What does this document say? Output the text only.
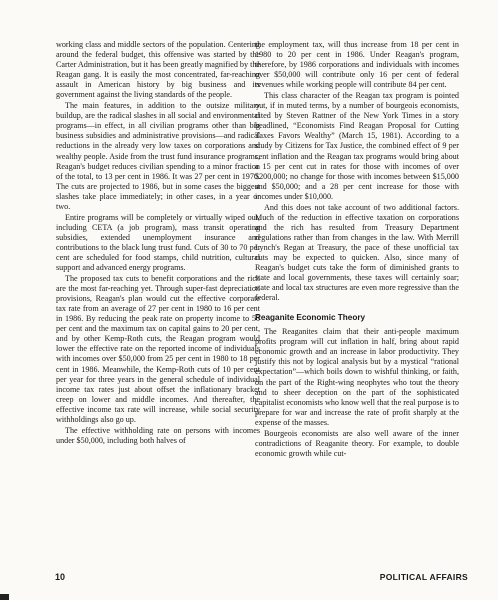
working class and middle sectors of the population. Centering around the federal budget, this offensive was started by the Carter Administration, but it has been greatly magnified by the Reagan gang. It is easily the most concentrated, far-reaching assault in American history by big business and its government against the living standards of the people.

The main features, in addition to the outsize military buildup, are the radical slashes in all social and environmental programs—in effect, in all civilian programs other than big business subsidies and administrative provisions—and radical reductions in the already very low taxes on corporations and wealthy people. Aside from the trust fund insurance programs, Reagan's budget reduces civilian spending to a minor fraction of the total, to 13 per cent in 1986. It was 27 per cent in 1970. The cuts are projected to 1986, but in some cases the biggest slashes take place immediately; in other cases, in a year or two.

Entire programs will be completely or virtually wiped out, including CETA (a job program), mass transit operating subsidies, extended unemployment insurance and contributions to the black lung trust fund. Cuts of 30 to 70 per cent are scheduled for food stamps, child nutrition, cultural support and advanced energy programs.

The proposed tax cuts to benefit corporations and the rich are the most far-reaching yet. Through super-fast depreciation provisions, Reagan's plan would cut the effective corporate tax rate from an average of 27 per cent in 1980 to 16 per cent in 1986. By reducing the peak rate on property income to 50 per cent and the maximum tax on capital gains to 20 per cent, and by other Kemp-Roth cuts, the Reagan program would lower the effective rate on the reported income of individuals with incomes over $50,000 from 25 per cent in 1980 to 18 per cent in 1986. Meanwhile, the Kemp-Roth cuts of 10 per cent per year for three years in the general schedule of individual income tax rates just about offset the inflationary bracket creep on lower and middle incomes. And thereafter, the effective income tax rate will increase, while social security withholdings also go up.

The effective withholding rate on persons with incomes under $50,000, including both halves of

the employment tax, will thus increase from 18 per cent in 1980 to 20 per cent in 1986. Under Reagan's program, therefore, by 1986 corporations and individuals with incomes over $50,000 will contribute only 16 per cent of federal revenues while working people will contribute 84 per cent.

This class character of the Reagan tax program is pointed out, if in muted terms, by a number of bourgeois economists, cited by Steven Rattner of the New York Times in a story headlined, “Economists Find Reagan Proposal for Cutting Taxes Favors Wealthy” (March 15, 1981). According to a study by Citizens for Tax Justice, the combined effect of 9 per cent inflation and the Reagan tax programs would bring about a 15 per cent cut in rates for those with incomes of over $200,000; no change for those with incomes between $15,000 and $50,000; and a 28 per cent increase for those with incomes under $10,000.

And this does not take account of two additional factors. Much of the reduction in effective taxation on corporations and the rich has resulted from Treasury Department regulations rather than from changes in the law. With Merrill Lynch's Regan at Treasury, the pace of these unofficial tax cuts may be expected to quicken. Also, since many of Reagan's budget cuts take the form of diminished grants to state and local governments, these taxes will certainly soar; state and local tax structures are even more regressive than the federal.

Reaganite Economic Theory

The Reaganites claim that their anti-people maximum profits program will cut inflation in half, bring about rapid economic growth and an increase in labor productivity. They justify this not by logical analysis but by a mystical “rational expectation”—which boils down to wishful thinking, or faith, on the part of the Right-wing neophytes who tout the theory and to sheer deception on the part of the sophisticated capitalist economists who know well that the real purpose is to prepare for war and increase the rate of profit sharply at the expense of the masses.

Bourgeois economists are also well aware of the inner contradictions of Reaganite theory. For example, to double economic growth while cut-

10	POLITICAL AFFAIRS
